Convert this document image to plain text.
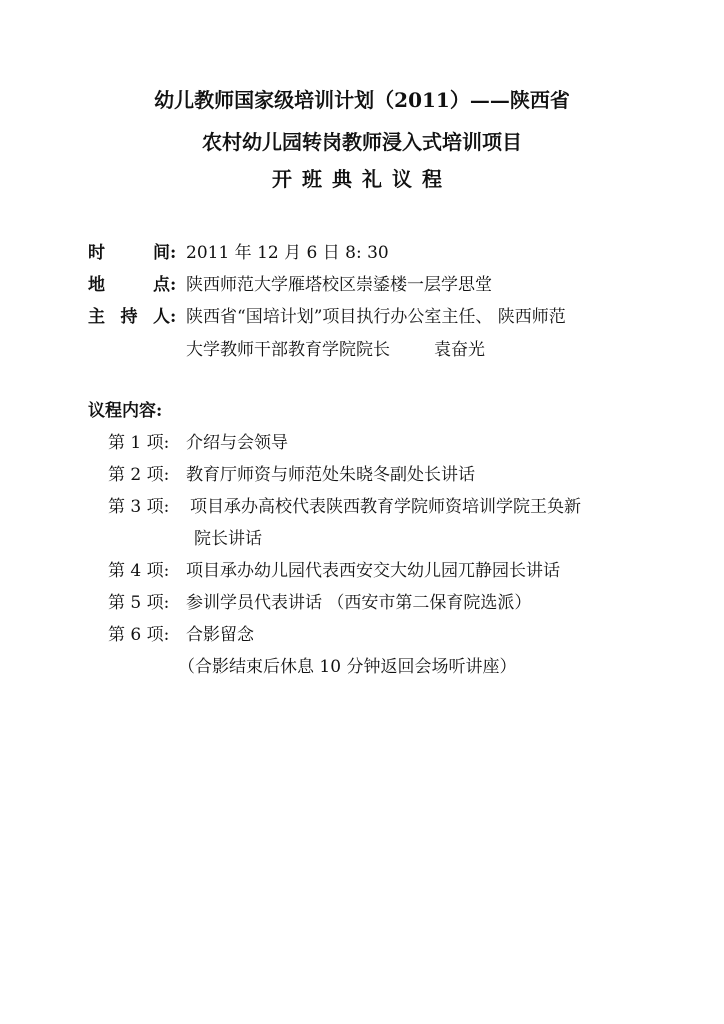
幼儿教师国家级培训计划（2011）——陕西省
农村幼儿园转岗教师浸入式培训项目
开班典礼议程
时间: 2011 年 12 月 6 日 8: 30
地点: 陕西师范大学雁塔校区崇鋈楼一层学思堂
主持人: 陕西省“国培计划”项目执行办公室主任、 陕西师范
大学教师干部教育学院院长	袁奋光
议程内容:
第 1 项: 介绍与会领导
第 2 项: 教育厅师资与师范处朱晓冬副处长讲话
第 3 项: 项目承办高校代表陕西教育学院师资培训学院王奂新
院长讲话
第 4 项: 项目承办幼儿园代表西安交大幼儿园兀静园长讲话
第 5 项: 参训学员代表讲话 （西安市第二保育院选派）
第 6 项: 合影留念
（合影结束后休息 10 分钟返回会场听讲座）
